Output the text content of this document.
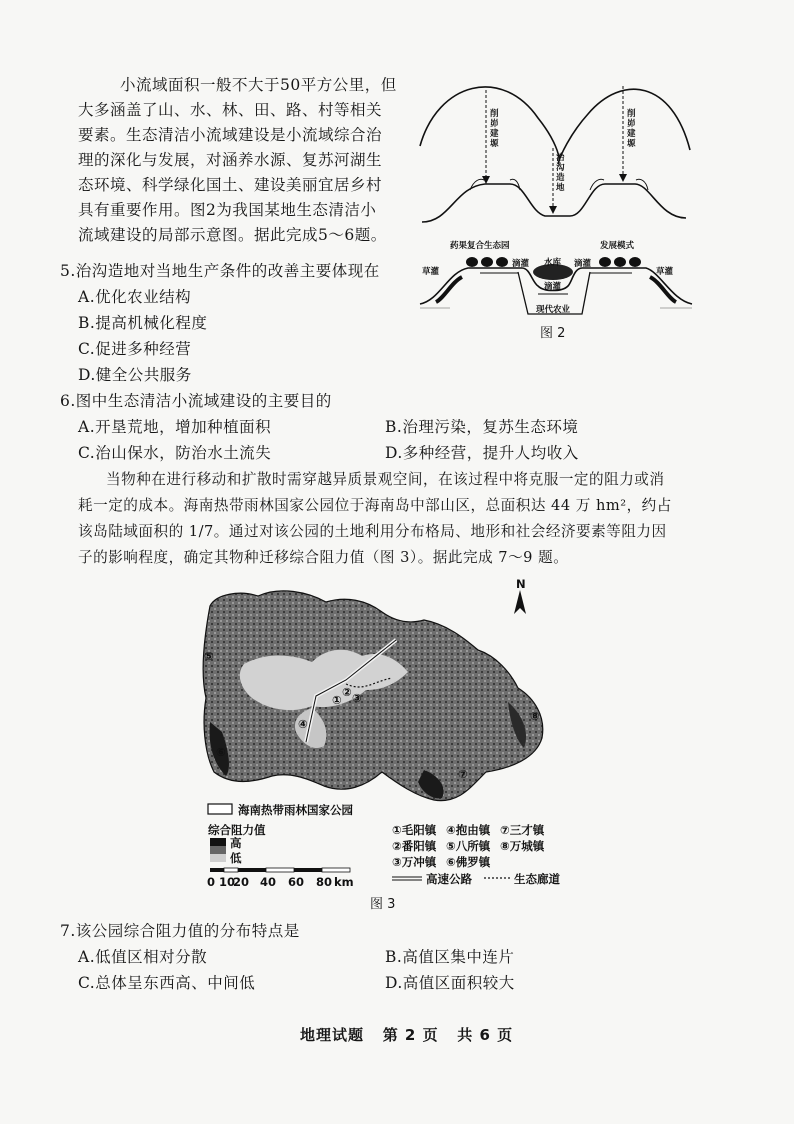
小流域面积一般不大于50平方公里，但
大多涵盖了山、水、林、田、路、村等相关
要素。生态清洁小流域建设是小流域综合治
理的深化与发展，对涵养水源、复苏河湖生
态环境、科学绿化国土、建设美丽宜居乡村
具有重要作用。图2为我国某地生态清洁小
流域建设的局部示意图。据此完成5～6题。
削峁建塬
治沟造地
削峁建塬
药果复合生态园	发展模式
草灌	草灌
滴灌 水库 滴灌
滴灌
现代农业
图 2
5.治沟造地对当地生产条件的改善主要体现在
A.优化农业结构
B.提高机械化程度
C.促进多种经营
D.健全公共服务
6.图中生态清洁小流域建设的主要目的
A.开垦荒地，增加种植面积	B.治理污染，复苏生态环境
C.治山保水，防治水土流失	D.多种经营，提升人均收入
当物种在进行移动和扩散时需穿越异质景观空间，在该过程中将克服一定的阻力或消
耗一定的成本。海南热带雨林国家公园位于海南岛中部山区，总面积达 44 万 hm²，约占
该岛陆域面积的 1/7。通过对该公园的土地利用分布格局、地形和社会经济要素等阻力因
子的影响程度，确定其物种迁移综合阻力值（图 3）。据此完成 7～9 题。
N
①
② ③
④
⑤
⑥
⑦
⑧
海南热带雨林国家公园
综合阻力值
高
低
0 10
20 40 60 80 km
①毛阳镇 ④抱由镇 ⑦三才镇
②番阳镇 ⑤八所镇 ⑧万城镇
③万冲镇 ⑥佛罗镇
高速公路	生态廊道
图 3
7.该公园综合阻力值的分布特点是
A.低值区相对分散	B.高值区集中连片
C.总体呈东西高、中间低	D.高值区面积较大
地理试题 第 2 页 共 6 页
